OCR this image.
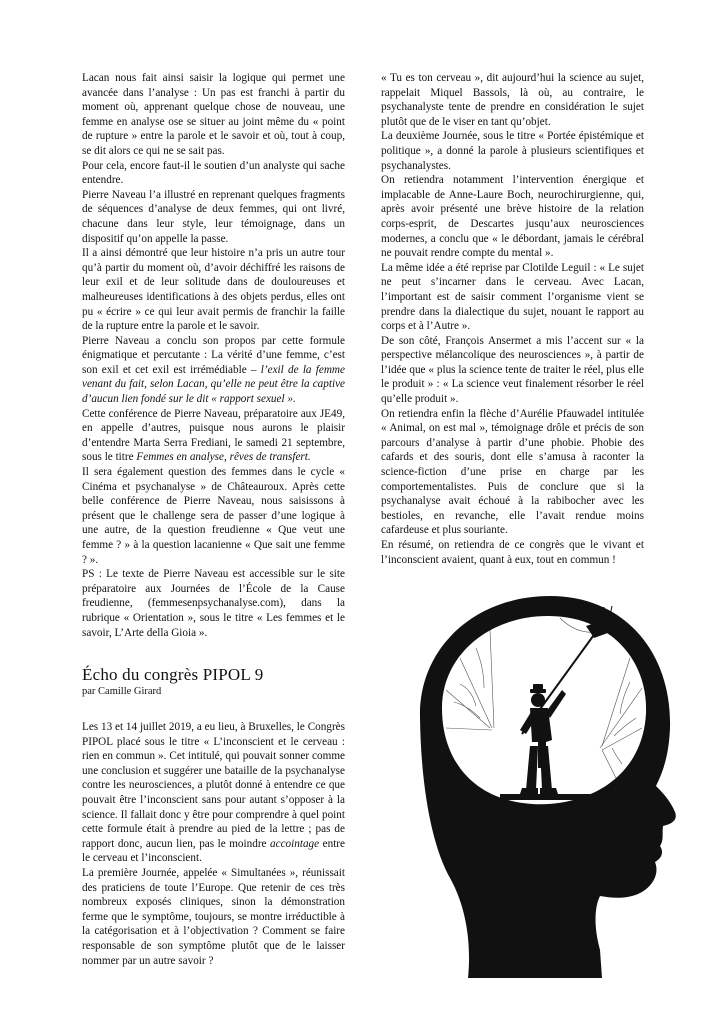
Lacan nous fait ainsi saisir la logique qui permet une avancée dans l’analyse : Un pas est franchi à partir du moment où, apprenant quelque chose de nouveau, une femme en analyse ose se situer au joint même du « point de rupture » entre la parole et le savoir et où, tout à coup, se dit alors ce qui ne se sait pas.

Pour cela, encore faut-il le soutien d’un analyste qui sache entendre.

Pierre Naveau l’a illustré en reprenant quelques fragments de séquences d’analyse de deux femmes, qui ont livré, chacune dans leur style, leur témoignage, dans un dispositif qu’on appelle la passe.

Il a ainsi démontré que leur histoire n’a pris un autre tour qu’à partir du moment où, d’avoir déchiffré les raisons de leur exil et de leur solitude dans de douloureuses et malheureuses identifications à des objets perdus, elles ont pu « écrire » ce qui leur avait permis de franchir la faille de la rupture entre la parole et le savoir.

Pierre Naveau a conclu son propos par cette formule énigmatique et percutante : La vérité d’une femme, c’est son exil et cet exil est irrémédiable – l’exil de la femme venant du fait, selon Lacan, qu’elle ne peut être la captive d’aucun lien fondé sur le dit « rapport sexuel ».

Cette conférence de Pierre Naveau, préparatoire aux JE49, en appelle d’autres, puisque nous aurons le plaisir d’entendre Marta Serra Frediani, le samedi 21 septembre, sous le titre Femmes en analyse, rêves de transfert.

Il sera également question des femmes dans le cycle « Cinéma et psychanalyse » de Châteauroux. Après cette belle conférence de Pierre Naveau, nous saisissons à présent que le challenge sera de passer d’une logique à une autre, de la question freudienne « Que veut une femme ? » à la question lacanienne « Que sait une femme ? ».

PS : Le texte de Pierre Naveau est accessible sur le site préparatoire aux Journées de l’École de la Cause freudienne, (femmesenpsychanalyse.com), dans la rubrique « Orientation », sous le titre « Les femmes et le savoir, L’Arte della Gioia ».

Écho du congrès PIPOL 9
par Camille Girard

Les 13 et 14 juillet 2019, a eu lieu, à Bruxelles, le Congrès PIPOL placé sous le titre « L’inconscient et le cerveau : rien en commun ». Cet intitulé, qui pouvait sonner comme une conclusion et suggérer une bataille de la psychanalyse contre les neurosciences, a plutôt donné à entendre ce que pouvait être l’inconscient sans pour autant s’opposer à la science. Il fallait donc y être pour comprendre à quel point cette formule était à prendre au pied de la lettre ; pas de rapport donc, aucun lien, pas le moindre accointage entre le cerveau et l’inconscient.

La première Journée, appelée « Simultanées », réunissait des praticiens de toute l’Europe. Que retenir de ces très nombreux exposés cliniques, sinon la démonstration ferme que le symptôme, toujours, se montre irréductible à la catégorisation et à l’objectivation ? Comment se faire responsable de son symptôme plutôt que de le laisser nommer par un autre savoir ?

« Tu es ton cerveau », dit aujourd’hui la science au sujet, rappelait Miquel Bassols, là où, au contraire, le psychanalyste tente de prendre en considération le sujet plutôt que de le viser en tant qu’objet.

La deuxième Journée, sous le titre « Portée épistémique et politique », a donné la parole à plusieurs scientifiques et psychanalystes.

On retiendra notamment l’intervention énergique et implacable de Anne-Laure Boch, neurochirurgienne, qui, après avoir présenté une brève histoire de la relation corps-esprit, de Descartes jusqu’aux neurosciences modernes, a conclu que « le débordant, jamais le cérébral ne pouvait rendre compte du mental ».

La même idée a été reprise par Clotilde Leguil : « Le sujet ne peut s’incarner dans le cerveau. Avec Lacan, l’important est de saisir comment l’organisme vient se prendre dans la dialectique du sujet, nouant le rapport au corps et à l’Autre ».

De son côté, François Ansermet a mis l’accent sur « la perspective mélancolique des neurosciences », à partir de l’idée que « plus la science tente de traiter le réel, plus elle le produit » : « La science veut finalement résorber le réel qu’elle produit ».

On retiendra enfin la flèche d’Aurélie Pfauwadel intitulée « Animal, on est mal », témoignage drôle et précis de son parcours d’analyse à partir d’une phobie. Phobie des cafards et des souris, dont elle s’amusa à raconter la science-fiction d’une prise en charge par les comportementalistes. Puis de conclure que si la psychanalyse avait échoué à la rabibocher avec les bestioles, en revanche, elle l’avait rendue moins cafardeuse et plus souriante.

En résumé, on retiendra de ce congrès que le vivant et l’inconscient avaient, quant à eux, tout en commun !
